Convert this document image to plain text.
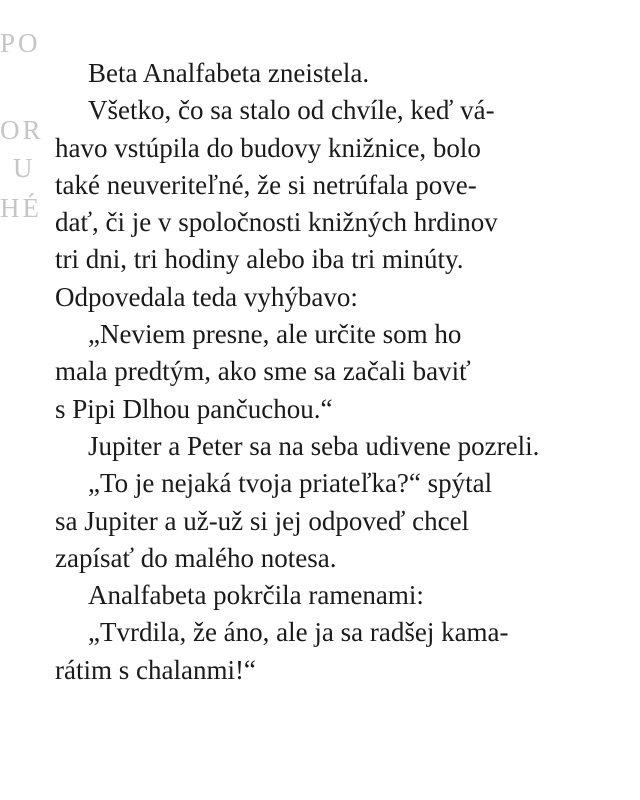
PO
OR
U
HÉ
Beta Analfabeta zneistela.
Všetko, čo sa stalo od chvíle, keď vá-
havo vstúpila do budovy knižnice, bolo
také neuveriteľné, že si netrúfala pove-
dať, či je v spoločnosti knižných hrdinov
tri dni, tri hodiny alebo iba tri minúty.
Odpovedala teda vyhýbavo:
„Neviem presne, ale určite som ho
mala predtým, ako sme sa začali baviť
s Pipi Dlhou pančuchou.“
Jupiter a Peter sa na seba udivene pozreli.
„To je nejaká tvoja priateľka?“ spýtal
sa Jupiter a už-už si jej odpoveď chcel
zapísať do malého notesa.
Analfabeta pokrčila ramenami:
„Tvrdila, že áno, ale ja sa radšej kama-
rátim s chalanmi!“
